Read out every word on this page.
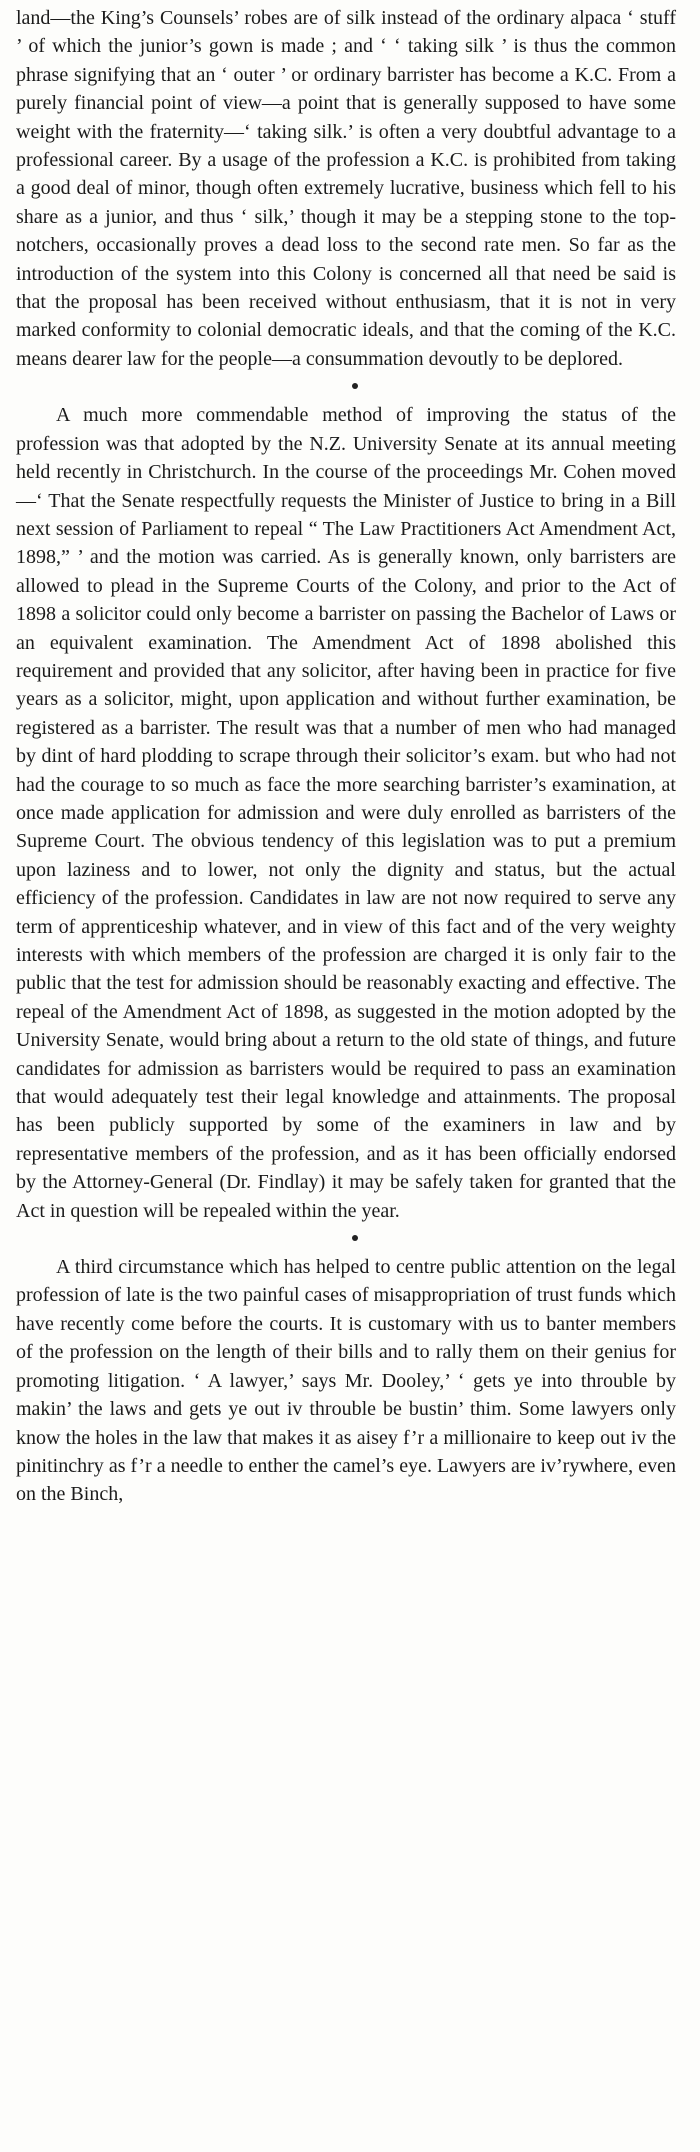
land—the King’s Counsels’ robes are of silk instead of the ordinary alpaca ‘ stuff ’ of which the junior’s gown is made ; and ‘ ‘ taking silk ’ is thus the common phrase signifying that an ‘ outer ’ or ordinary barrister has become a K.C. From a purely financial point of view—a point that is generally supposed to have some weight with the fraternity—‘ taking silk.’ is often a very doubtful advantage to a professional career. By a usage of the profession a K.C. is prohibited from taking a good deal of minor, though often extremely lucrative, business which fell to his share as a junior, and thus ‘ silk,’ though it may be a stepping stone to the top-notchers, occasionally proves a dead loss to the second rate men. So far as the introduction of the system into this Colony is concerned all that need be said is that the proposal has been received without enthusiasm, that it is not in very marked conformity to colonial democratic ideals, and that the coming of the K.C. means dearer law for the people—a consummation devoutly to be deplored.

A much more commendable method of improving the status of the profession was that adopted by the N.Z. University Senate at its annual meeting held recently in Christchurch. In the course of the proceedings Mr. Cohen moved—‘ That the Senate respectfully requests the Minister of Justice to bring in a Bill next session of Parliament to repeal “ The Law Practitioners Act Amendment Act, 1898,” ’ and the motion was carried. As is generally known, only barristers are allowed to plead in the Supreme Courts of the Colony, and prior to the Act of 1898 a solicitor could only become a barrister on passing the Bachelor of Laws or an equivalent examination. The Amendment Act of 1898 abolished this requirement and provided that any solicitor, after having been in practice for five years as a solicitor, might, upon application and without further examination, be registered as a barrister. The result was that a number of men who had managed by dint of hard plodding to scrape through their solicitor’s exam. but who had not had the courage to so much as face the more searching barrister’s examination, at once made application for admission and were duly enrolled as barristers of the Supreme Court. The obvious tendency of this legislation was to put a premium upon laziness and to lower, not only the dignity and status, but the actual efficiency of the profession. Candidates in law are not now required to serve any term of apprenticeship whatever, and in view of this fact and of the very weighty interests with which members of the profession are charged it is only fair to the public that the test for admission should be reasonably exacting and effective. The repeal of the Amendment Act of 1898, as suggested in the motion adopted by the University Senate, would bring about a return to the old state of things, and future candidates for admission as barristers would be required to pass an examination that would adequately test their legal knowledge and attainments. The proposal has been publicly supported by some of the examiners in law and by representative members of the profession, and as it has been officially endorsed by the Attorney-General (Dr. Findlay) it may be safely taken for granted that the Act in question will be repealed within the year.

A third circumstance which has helped to centre public attention on the legal profession of late is the two painful cases of misappropriation of trust funds which have recently come before the courts. It is customary with us to banter members of the profession on the length of their bills and to rally them on their genius for promoting litigation. ‘ A lawyer,’ says Mr. Dooley,’ ‘ gets ye into throuble by makin’ the laws and gets ye out iv throuble be bustin’ thim. Some lawyers only know the holes in the law that makes it as aisey f’r a millionaire to keep out iv the pinitinchry as f’r a needle to enther the camel’s eye. Lawyers are iv’rywhere, even on the Binch,
